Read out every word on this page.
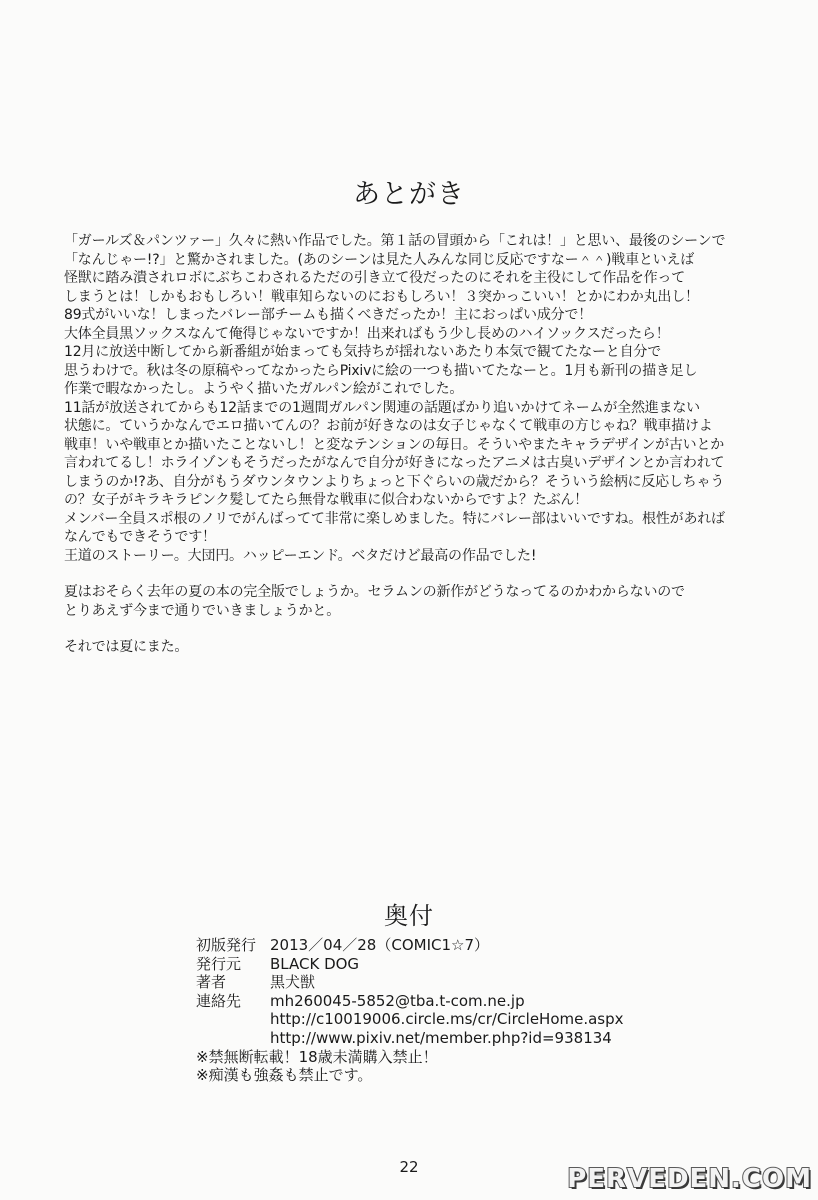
あとがき
「ガールズ＆パンツァー」久々に熱い作品でした。第１話の冒頭から「これは！」と思い、最後のシーンで
「なんじゃー!?」と驚かされました。(あのシーンは見た人みんな同じ反応ですなー＾＾)戦車といえば
怪獣に踏み潰されロボにぶちこわされるただの引き立て役だったのにそれを主役にして作品を作って
しまうとは！しかもおもしろい！戦車知らないのにおもしろい！３突かっこいい！とかにわか丸出し！
89式がいいな！しまったバレー部チームも描くべきだったか！主におっぱい成分で！
大体全員黒ソックスなんて俺得じゃないですか！出来ればもう少し長めのハイソックスだったら！
12月に放送中断してから新番組が始まっても気持ちが揺れないあたり本気で観てたなーと自分で
思うわけで。秋は冬の原稿やってなかったらPixivに絵の一つも描いてたなーと。1月も新刊の描き足し
作業で暇なかったし。ようやく描いたガルパン絵がこれでした。
11話が放送されてからも12話までの1週間ガルパン関連の話題ばかり追いかけてネームが全然進まない
状態に。ていうかなんでエロ描いてんの？お前が好きなのは女子じゃなくて戦車の方じゃね？戦車描けよ
戦車！いや戦車とか描いたことないし！と変なテンションの毎日。そういやまたキャラデザインが古いとか
言われてるし！ホライゾンもそうだったがなんで自分が好きになったアニメは古臭いデザインとか言われて
しまうのか!?あ、自分がもうダウンタウンよりちょっと下ぐらいの歳だから？そういう絵柄に反応しちゃう
の？女子がキラキラピンク髪してたら無骨な戦車に似合わないからですよ？たぶん！
メンバー全員スポ根のノリでがんばってて非常に楽しめました。特にバレー部はいいですね。根性があれば
なんでもできそうです！
王道のストーリー。大団円。ハッピーエンド。ベタだけど最高の作品でした!
夏はおそらく去年の夏の本の完全版でしょうか。セラムンの新作がどうなってるのかわからないので
とりあえず今まで通りでいきましょうかと。
それでは夏にまた。
奥付
初版発行 2013／04／28（COMIC1☆7）
発行元	BLACK DOG
著者	黒犬獣
連絡先	mh260045-5852@tba.t-com.ne.jp
http://c10019006.circle.ms/cr/CircleHome.aspx
http://www.pixiv.net/member.php?id=938134
※禁無断転載！18歳未満購入禁止！
※痴漢も強姦も禁止です。
22	PERVEDEN.COM
